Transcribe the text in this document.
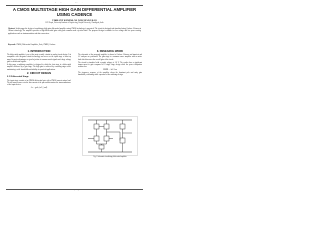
International Journal of Engineering Research & Technology (IJERT) ISSN: 2278-0181 Vol. 1 Issue 5, July - 2012
A CMOS MULTISTAGE HIGH GAIN DIFFERENTIAL AMPLIFIER USING CADENCE
VIKRANT KUMAR, M. NARAYANA RAO
ECE Deptt., University Institute of Engineering, Panjab University, Chandigarh, India
Abstract: In this paper the design of a multistage high gain differential amplifier using CMOS technology is presented. The circuit is designed and simulated using Cadence Virtuoso at 180nm technology. The amplifier provides a high differential gain with good common mode rejection ratio. The proposed design is suitable for low voltage and low power analog applications such as instrumentation and data conversion.
Keywords: CMOS, Differential Amplifier, Gain, CMRR, Cadence
1. INTRODUCTION
The differential amplifier is one of the most versatile circuits in analog circuit design. It is compatible with integrated circuit technology and serves as the input stage of most op amps. Its major advantages are good rejection of common mode signals and a large voltage gain for differential signals.
In this paper a multistage amplifier is designed in which the first stage is a differential amplifier followed by a gain stage. The high gain is achieved by cascading stages while maintaining a wide bandwidth and stability for practical applications.
2. CIRCUIT DESIGN
2.1 Differential Stage
The input stage consists of an NMOS differential pair with a PMOS current mirror load. The tail current source sets the bias current of the pair and determines the transconductance of the input devices.
Av = gm1 (ro2 || ro4)
3. RESEARCH WORK
The schematic of the proposed amplifier is drawn in Cadence Virtuoso and transient and AC analyses are performed. The gain stage is a common source amplifier with an active load which increases the overall gain of the circuit.
The circuit is simulated with a supply voltage of 1.8 V. The results show a significant improvement in gain compared to a single stage design while the power dissipation remains low.
CMRR = Ad / Acm
The frequency response of the amplifier shows the dominant pole and unity gain bandwidth, confirming stable operation of the multistage design.
Fig. 1 Schematic of multistage differential amplifier
www.ijert.org
